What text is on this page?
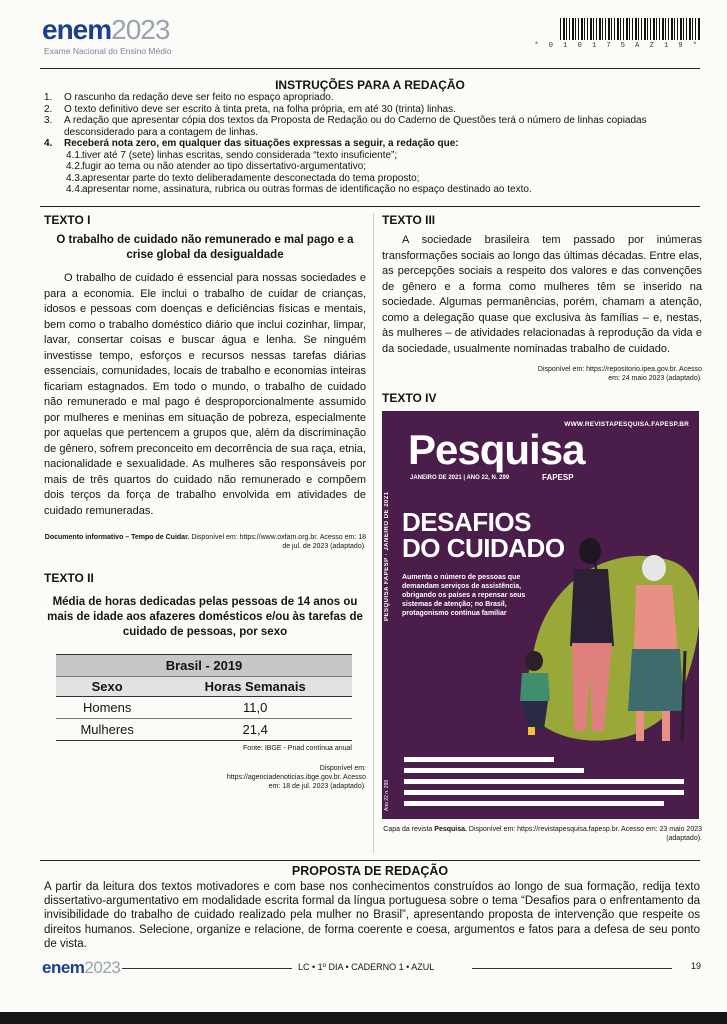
enem2023
Exame Nacional do Ensino Médio	* 0 1 0 1 7 5 A Z 1 9 *
INSTRUÇÕES PARA A REDAÇÃO
1. O rascunho da redação deve ser feito no espaço apropriado.
2. O texto definitivo deve ser escrito à tinta preta, na folha própria, em até 30 (trinta) linhas.
3. A redação que apresentar cópia dos textos da Proposta de Redação ou do Caderno de Questões terá o número de linhas copiadas desconsiderado para a contagem de linhas.
4. Receberá nota zero, em qualquer das situações expressas a seguir, a redação que:
4.1. tiver até 7 (sete) linhas escritas, sendo considerada “texto insuficiente”;
4.2. fugir ao tema ou não atender ao tipo dissertativo-argumentativo;
4.3. apresentar parte do texto deliberadamente desconectada do tema proposto;
4.4. apresentar nome, assinatura, rubrica ou outras formas de identificação no espaço destinado ao texto.
TEXTO I
O trabalho de cuidado não remunerado e mal pago e a crise global da desigualdade
O trabalho de cuidado é essencial para nossas sociedades e para a economia. Ele inclui o trabalho de cuidar de crianças, idosos e pessoas com doenças e deficiências físicas e mentais, bem como o trabalho doméstico diário que inclui cozinhar, limpar, lavar, consertar coisas e buscar água e lenha. Se ninguém investisse tempo, esforços e recursos nessas tarefas diárias essenciais, comunidades, locais de trabalho e economias inteiras ficariam estagnados. Em todo o mundo, o trabalho de cuidado não remunerado e mal pago é desproporcionalmente assumido por mulheres e meninas em situação de pobreza, especialmente por aquelas que pertencem a grupos que, além da discriminação de gênero, sofrem preconceito em decorrência de sua raça, etnia, nacionalidade e sexualidade. As mulheres são responsáveis por mais de três quartos do cuidado não remunerado e compõem dois terços da força de trabalho envolvida em atividades de cuidado remuneradas.
Documento informativo – Tempo de Cuidar. Disponível em: https://www.oxfam.org.br. Acesso em: 18 de jul. de 2023 (adaptado).
TEXTO II
Média de horas dedicadas pelas pessoas de 14 anos ou mais de idade aos afazeres domésticos e/ou às tarefas de cuidado de pessoas, por sexo
Brasil - 2019	
Sexo	Horas Semanais
Homens	11,0
Mulheres	21,4
Fonte: IBGE - Pnad contínua anual
Disponível em: https://agenciadenoticias.ibge.gov.br. Acesso em: 18 de jul. 2023 (adaptado).
TEXTO III
A sociedade brasileira tem passado por inúmeras transformações sociais ao longo das últimas décadas. Entre elas, as percepções sociais a respeito dos valores e das convenções de gênero e a forma como mulheres têm se inserido na sociedade. Algumas permanências, porém, chamam a atenção, como a delegação quase que exclusiva às famílias – e, nestas, às mulheres – de atividades relacionadas à reprodução da vida e da sociedade, usualmente nominadas trabalho de cuidado.
Disponível em: https://repositorio.ipea.gov.br. Acesso em: 24 maio 2023 (adaptado).
TEXTO IV
WWW.REVISTAPESQUISA.FAPESP.BR
PESQUISA FAPESP · JANEIRO DE 2021
Pesquisa
JANEIRO DE 2021 | ANO 22, N. 299	FAPESP
DESAFIOS
DO CUIDADO
Aumenta o número de pessoas que demandam serviços de assistência, obrigando os países a repensar seus sistemas de atenção; no Brasil, protagonismo continua familiar
Ano 22 n. 299
Capa da revista Pesquisa. Disponível em: https://revistapesquisa.fapesp.br. Acesso em: 23 maio 2023 (adaptado).
PROPOSTA DE REDAÇÃO
A partir da leitura dos textos motivadores e com base nos conhecimentos construídos ao longo de sua formação, redija texto dissertativo-argumentativo em modalidade escrita formal da língua portuguesa sobre o tema “Desafios para o enfrentamento da invisibilidade do trabalho de cuidado realizado pela mulher no Brasil”, apresentando proposta de intervenção que respeite os direitos humanos. Selecione, organize e relacione, de forma coerente e coesa, argumentos e fatos para a defesa de seu ponto de vista.
enem2023	LC • 1º DIA • CADERNO 1 • AZUL	19
